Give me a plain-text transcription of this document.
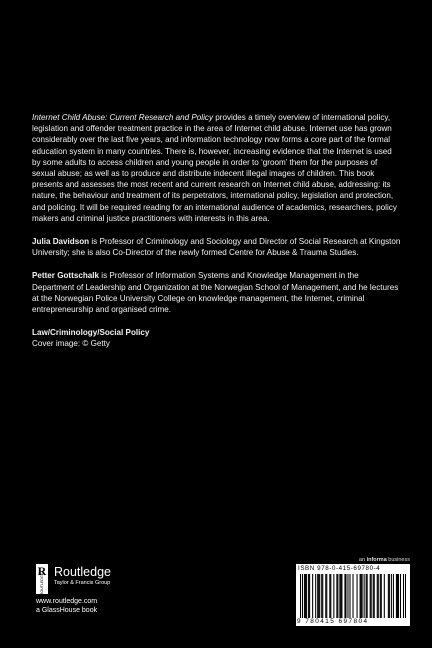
Internet Child Abuse: Current Research and Policy provides a timely overview of international policy, legislation and offender treatment practice in the area of Internet child abuse. Internet use has grown considerably over the last five years, and information technology now forms a core part of the formal education system in many countries. There is, however, increasing evidence that the Internet is used by some adults to access children and young people in order to ‘groom’ them for the purposes of sexual abuse; as well as to produce and distribute indecent illegal images of children. This book presents and assesses the most recent and current research on Internet child abuse, addressing: its nature, the behaviour and treatment of its perpetrators, international policy, legislation and protection, and policing. It will be required reading for an international audience of academics, researchers, policy makers and criminal justice practitioners with interests in this area.

Julia Davidson is Professor of Criminology and Sociology and Director of Social Research at Kingston University; she is also Co-Director of the newly formed Centre for Abuse & Trauma Studies.

Petter Gottschalk is Professor of Information Systems and Knowledge Management in the Department of Leadership and Organization at the Norwegian School of Management, and he lectures at the Norwegian Police University College on knowledge management, the Internet, criminal entrepreneurship and organised crime.

Law/Criminology/Social Policy

Cover image: © Getty

R
ROUTLEDGE
Routledge
Taylor & Francis Group
www.routledge.com
a GlassHouse book
an informa business
ISBN 978-0-415-69780-4
9 780415 697804
